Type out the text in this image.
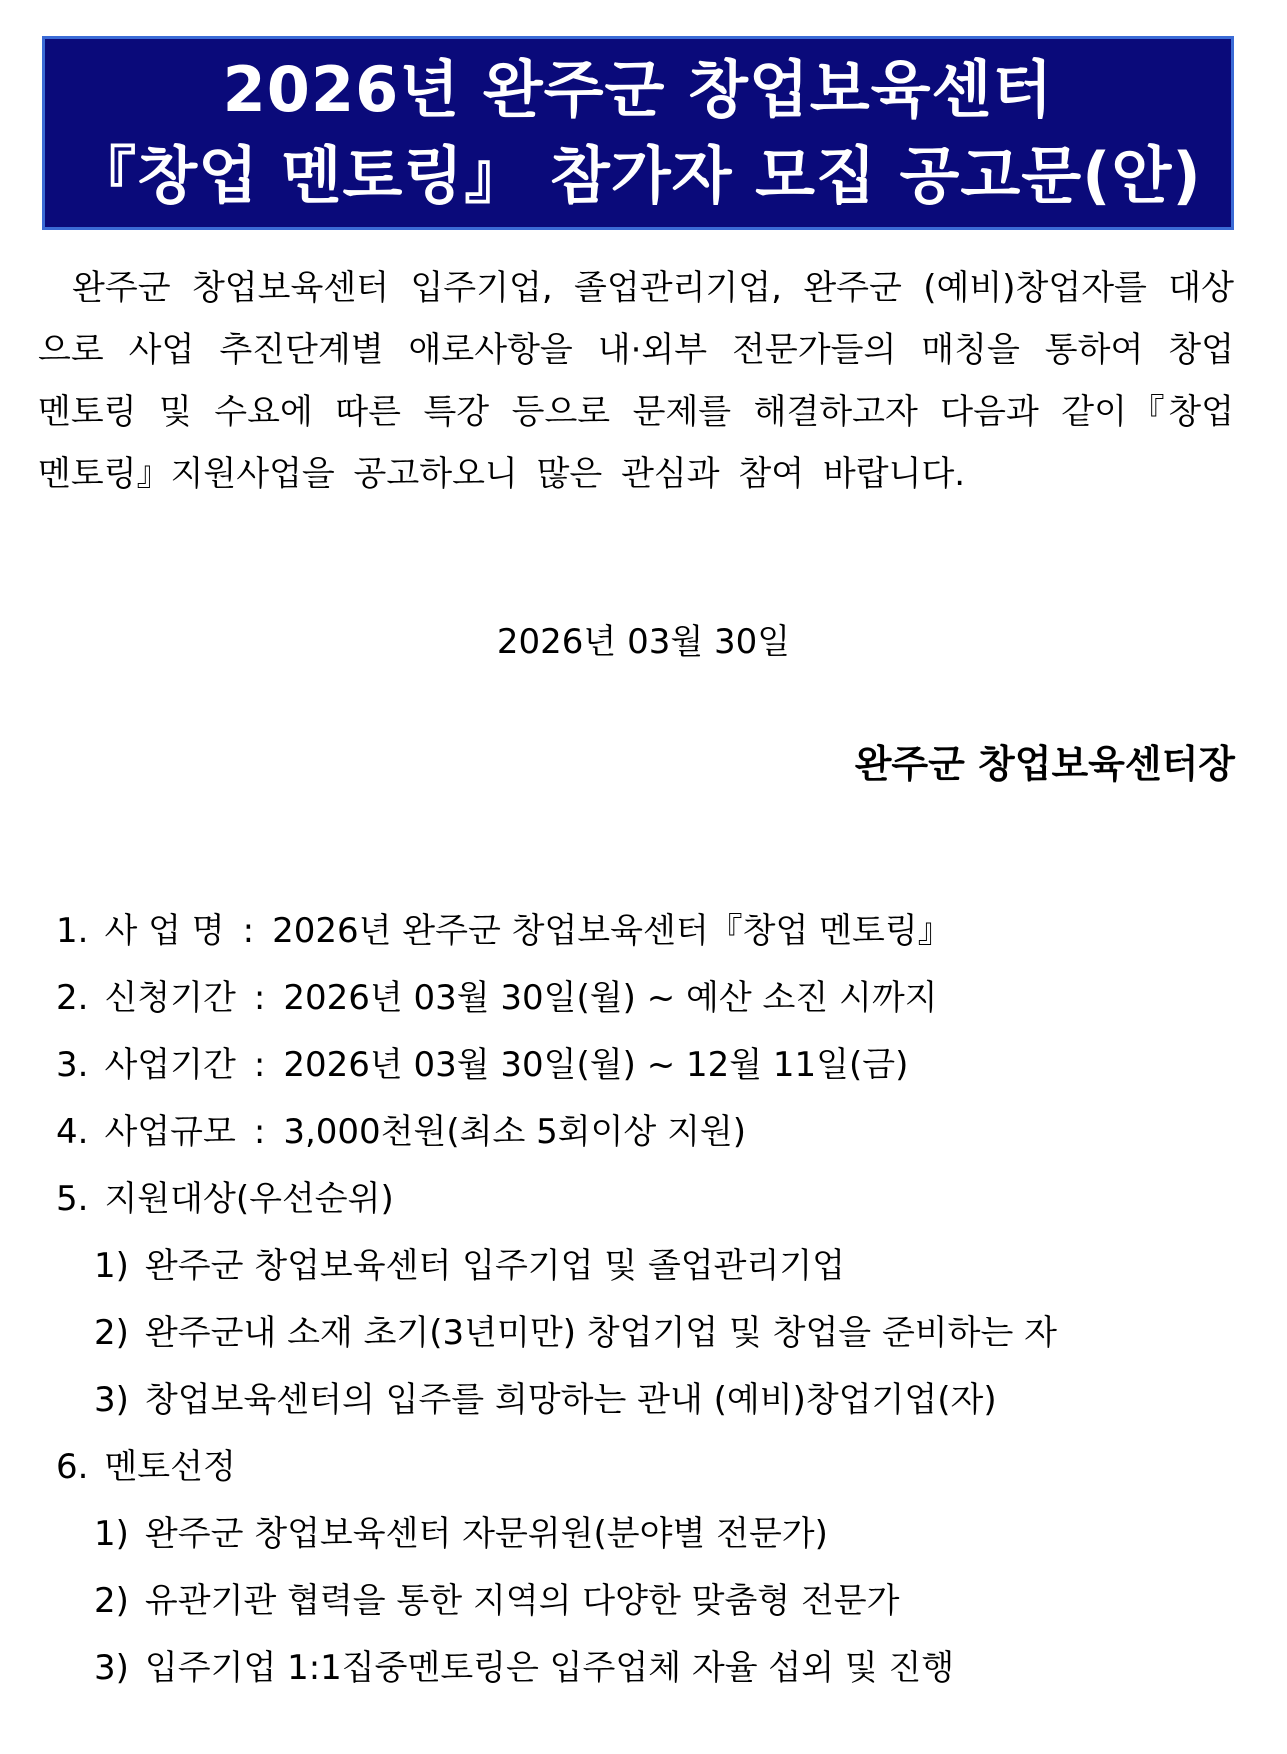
2026년 완주군 창업보육센터
『창업 멘토링』 참가자 모집 공고문(안)
완주군 창업보육센터 입주기업, 졸업관리기업, 완주군 (예비)창업자를 대상으로 사업 추진단계별 애로사항을 내·외부 전문가들의 매칭을 통하여 창업 멘토링 및 수요에 따른 특강 등으로 문제를 해결하고자 다음과 같이『창업 멘토링』지원사업을 공고하오니 많은 관심과 참여 바랍니다.
2026년 03월 30일
완주군 창업보육센터장
1. 사 업 명 : 2026년 완주군 창업보육센터『창업 멘토링』
2. 신청기간 : 2026년 03월 30일(월) ~ 예산 소진 시까지
3. 사업기간 : 2026년 03월 30일(월) ~ 12월 11일(금)
4. 사업규모 : 3,000천원(최소 5회이상 지원)
5. 지원대상(우선순위)
1) 완주군 창업보육센터 입주기업 및 졸업관리기업
2) 완주군내 소재 초기(3년미만) 창업기업 및 창업을 준비하는 자
3) 창업보육센터의 입주를 희망하는 관내 (예비)창업기업(자)
6. 멘토선정
1) 완주군 창업보육센터 자문위원(분야별 전문가)
2) 유관기관 협력을 통한 지역의 다양한 맞춤형 전문가
3) 입주기업 1:1집중멘토링은 입주업체 자율 섭외 및 진행
